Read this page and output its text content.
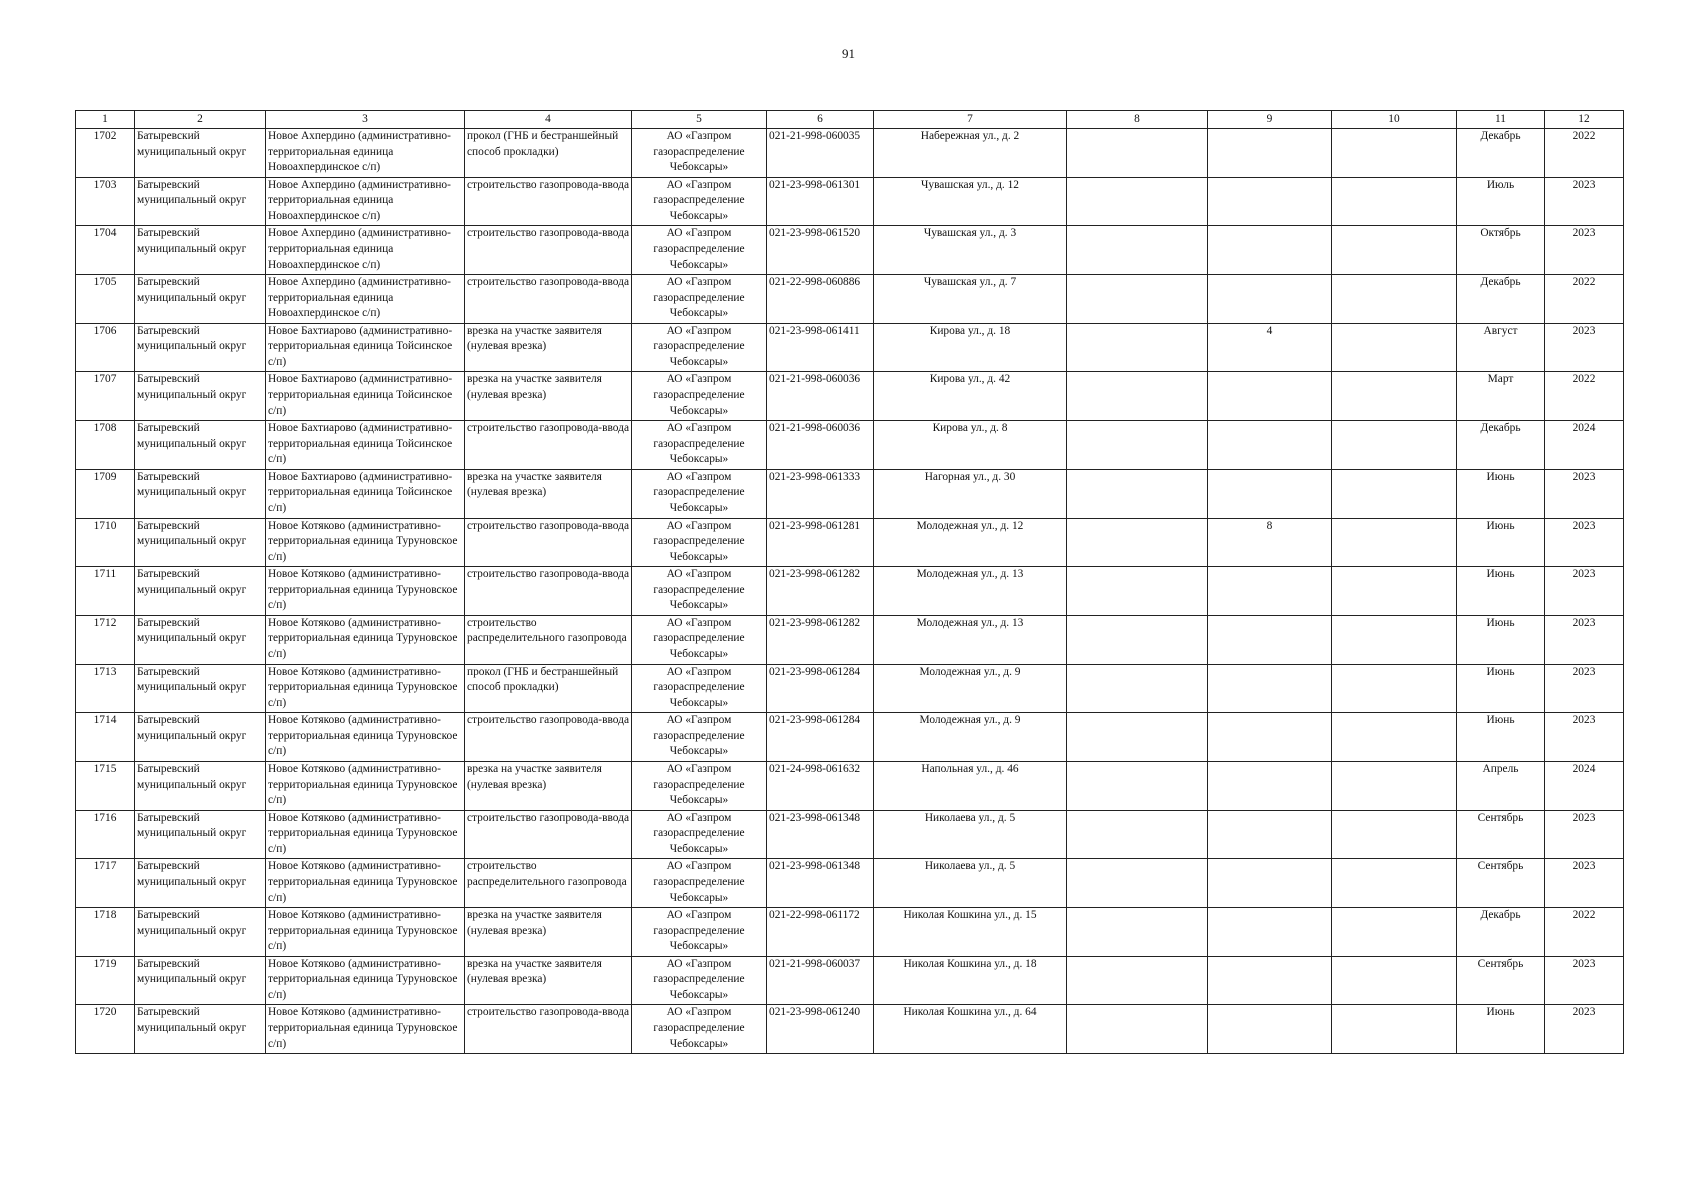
91
1	2	3	4	5	6	7	8	9	10	11	12
1702	Батыревский муниципальный округ	Новое Ахпердино (административно-территориальная единица Новоахпердинское с/п)	прокол (ГНБ и бестраншейный способ прокладки)	АО «Газпром газораспределение Чебоксары»	021-21-998-060035	Набережная ул., д. 2				Декабрь	2022
1703	Батыревский муниципальный округ	Новое Ахпердино (административно-территориальная единица Новоахпердинское с/п)	строительство газопровода-ввода	АО «Газпром газораспределение Чебоксары»	021-23-998-061301	Чувашская ул., д. 12				Июль	2023
1704	Батыревский муниципальный округ	Новое Ахпердино (административно-территориальная единица Новоахпердинское с/п)	строительство газопровода-ввода	АО «Газпром газораспределение Чебоксары»	021-23-998-061520	Чувашская ул., д. 3				Октябрь	2023
1705	Батыревский муниципальный округ	Новое Ахпердино (административно-территориальная единица Новоахпердинское с/п)	строительство газопровода-ввода	АО «Газпром газораспределение Чебоксары»	021-22-998-060886	Чувашская ул., д. 7				Декабрь	2022
1706	Батыревский муниципальный округ	Новое Бахтиарово (административно-территориальная единица Тойсинское с/п)	врезка на участке заявителя (нулевая врезка)	АО «Газпром газораспределение Чебоксары»	021-23-998-061411	Кирова ул., д. 18		4		Август	2023
1707	Батыревский муниципальный округ	Новое Бахтиарово (административно-территориальная единица Тойсинское с/п)	врезка на участке заявителя (нулевая врезка)	АО «Газпром газораспределение Чебоксары»	021-21-998-060036	Кирова ул., д. 42				Март	2022
1708	Батыревский муниципальный округ	Новое Бахтиарово (административно-территориальная единица Тойсинское с/п)	строительство газопровода-ввода	АО «Газпром газораспределение Чебоксары»	021-21-998-060036	Кирова ул., д. 8				Декабрь	2024
1709	Батыревский муниципальный округ	Новое Бахтиарово (административно-территориальная единица Тойсинское с/п)	врезка на участке заявителя (нулевая врезка)	АО «Газпром газораспределение Чебоксары»	021-23-998-061333	Нагорная ул., д. 30				Июнь	2023
1710	Батыревский муниципальный округ	Новое Котяково (административно-территориальная единица Туруновское с/п)	строительство газопровода-ввода	АО «Газпром газораспределение Чебоксары»	021-23-998-061281	Молодежная ул., д. 12		8		Июнь	2023
1711	Батыревский муниципальный округ	Новое Котяково (административно-территориальная единица Туруновское с/п)	строительство газопровода-ввода	АО «Газпром газораспределение Чебоксары»	021-23-998-061282	Молодежная ул., д. 13				Июнь	2023
1712	Батыревский муниципальный округ	Новое Котяково (административно-территориальная единица Туруновское с/п)	строительство распределительного газопровода	АО «Газпром газораспределение Чебоксары»	021-23-998-061282	Молодежная ул., д. 13				Июнь	2023
1713	Батыревский муниципальный округ	Новое Котяково (административно-территориальная единица Туруновское с/п)	прокол (ГНБ и бестраншейный способ прокладки)	АО «Газпром газораспределение Чебоксары»	021-23-998-061284	Молодежная ул., д. 9				Июнь	2023
1714	Батыревский муниципальный округ	Новое Котяково (административно-территориальная единица Туруновское с/п)	строительство газопровода-ввода	АО «Газпром газораспределение Чебоксары»	021-23-998-061284	Молодежная ул., д. 9				Июнь	2023
1715	Батыревский муниципальный округ	Новое Котяково (административно-территориальная единица Туруновское с/п)	врезка на участке заявителя (нулевая врезка)	АО «Газпром газораспределение Чебоксары»	021-24-998-061632	Напольная ул., д. 46				Апрель	2024
1716	Батыревский муниципальный округ	Новое Котяково (административно-территориальная единица Туруновское с/п)	строительство газопровода-ввода	АО «Газпром газораспределение Чебоксары»	021-23-998-061348	Николаева ул., д. 5				Сентябрь	2023
1717	Батыревский муниципальный округ	Новое Котяково (административно-территориальная единица Туруновское с/п)	строительство распределительного газопровода	АО «Газпром газораспределение Чебоксары»	021-23-998-061348	Николаева ул., д. 5				Сентябрь	2023
1718	Батыревский муниципальный округ	Новое Котяково (административно-территориальная единица Туруновское с/п)	врезка на участке заявителя (нулевая врезка)	АО «Газпром газораспределение Чебоксары»	021-22-998-061172	Николая Кошкина ул., д. 15				Декабрь	2022
1719	Батыревский муниципальный округ	Новое Котяково (административно-территориальная единица Туруновское с/п)	врезка на участке заявителя (нулевая врезка)	АО «Газпром газораспределение Чебоксары»	021-21-998-060037	Николая Кошкина ул., д. 18				Сентябрь	2023
1720	Батыревский муниципальный округ	Новое Котяково (административно-территориальная единица Туруновское с/п)	строительство газопровода-ввода	АО «Газпром газораспределение Чебоксары»	021-23-998-061240	Николая Кошкина ул., д. 64				Июнь	2023
